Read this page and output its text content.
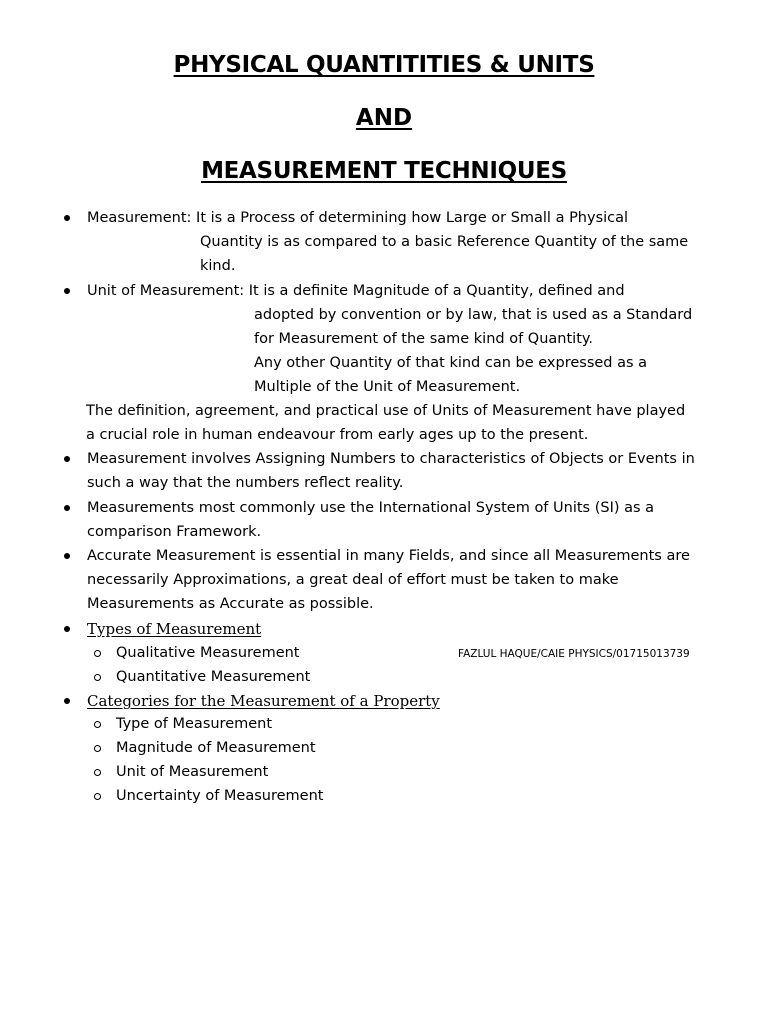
PHYSICAL QUANTITITIES & UNITS
AND
MEASUREMENT TECHNIQUES
Measurement: It is a Process of determining how Large or Small a Physical
Quantity is as compared to a basic Reference Quantity of the same
kind.
Unit of Measurement: It is a definite Magnitude of a Quantity, defined and
adopted by convention or by law, that is used as a Standard
for Measurement of the same kind of Quantity.
Any other Quantity of that kind can be expressed as a
Multiple of the Unit of Measurement.
The definition, agreement, and practical use of Units of Measurement have played
a crucial role in human endeavour from early ages up to the present.
Measurement involves Assigning Numbers to characteristics of Objects or Events in
such a way that the numbers reflect reality.
Measurements most commonly use the International System of Units (SI) as a
comparison Framework.
Accurate Measurement is essential in many Fields, and since all Measurements are
necessarily Approximations, a great deal of effort must be taken to make
Measurements as Accurate as possible.
Types of Measurement
Qualitative Measurement	FAZLUL HAQUE/CAIE PHYSICS/01715013739
Quantitative Measurement
Categories for the Measurement of a Property
Type of Measurement
Magnitude of Measurement
Unit of Measurement
Uncertainty of Measurement
